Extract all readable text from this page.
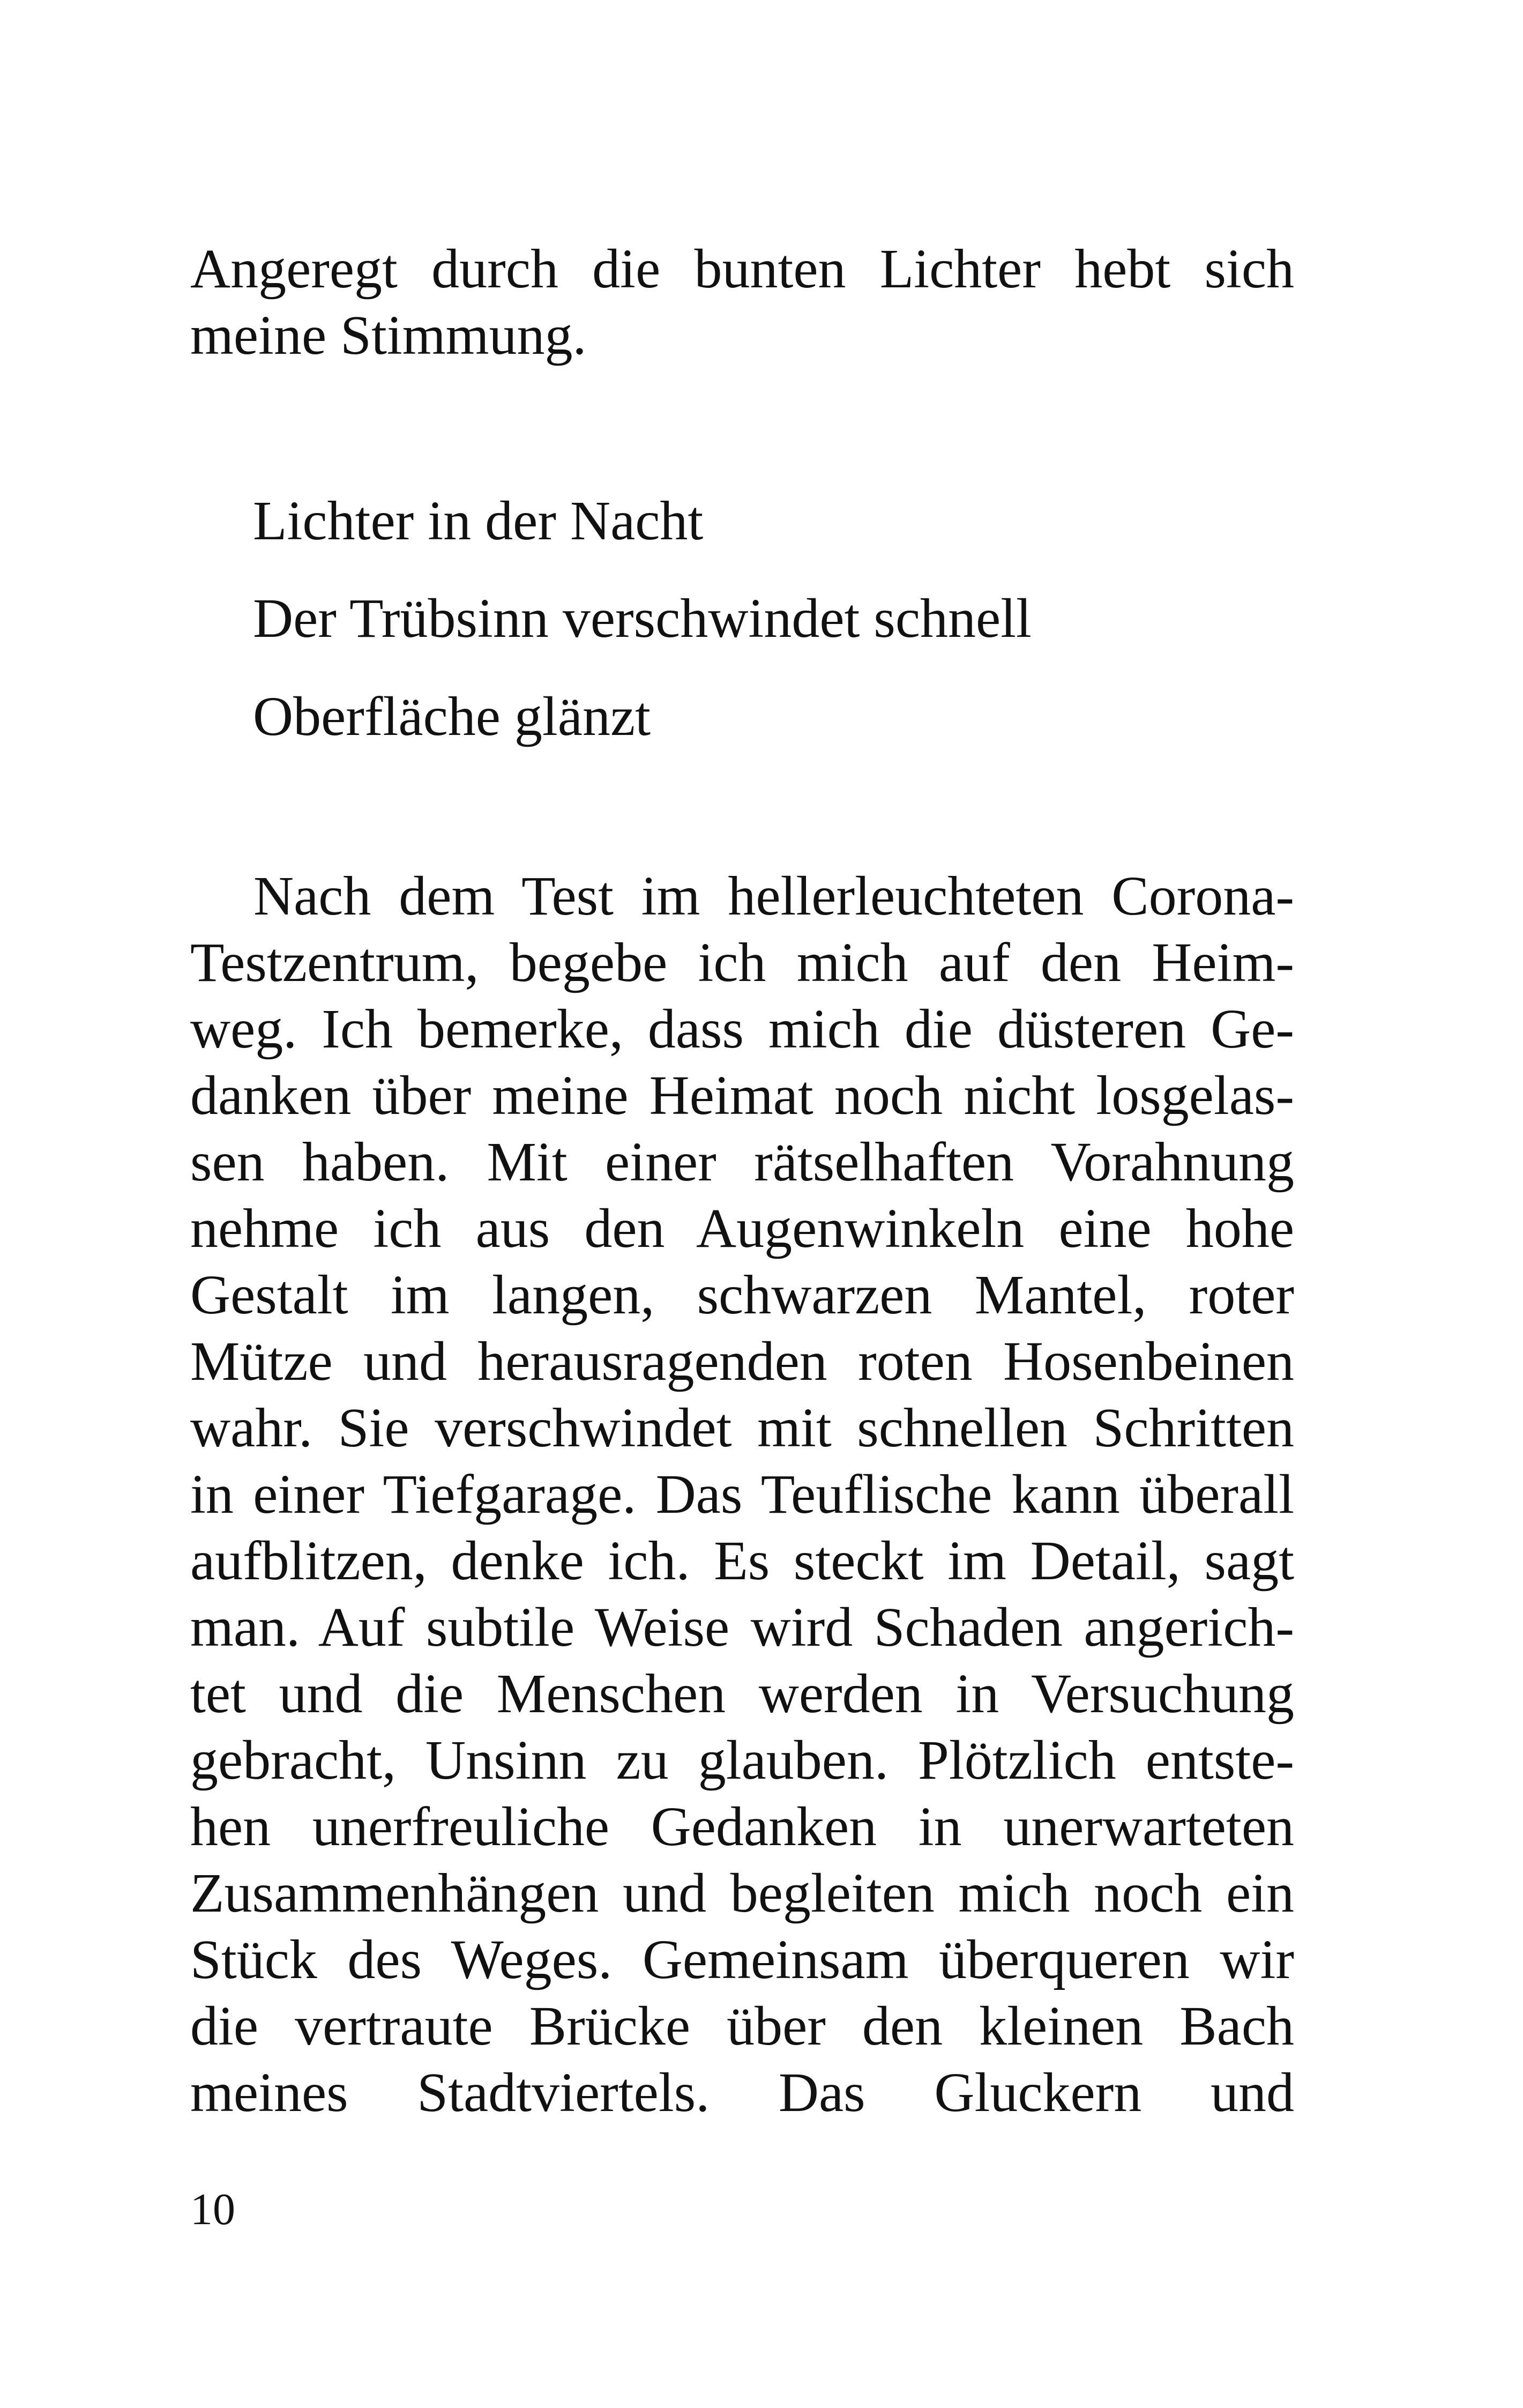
Angeregt durch die bunten Lichter hebt sich
meine Stimmung.
Lichter in der Nacht
Der Trübsinn verschwindet schnell
Oberfläche glänzt
Nach dem Test im hellerleuchteten Corona-
Testzentrum, begebe ich mich auf den Heim-
weg. Ich bemerke, dass mich die düsteren Ge-
danken über meine Heimat noch nicht losgelas-
sen haben. Mit einer rätselhaften Vorahnung
nehme ich aus den Augenwinkeln eine hohe
Gestalt im langen, schwarzen Mantel, roter
Mütze und herausragenden roten Hosenbeinen
wahr. Sie verschwindet mit schnellen Schritten
in einer Tiefgarage. Das Teuflische kann überall
aufblitzen, denke ich. Es steckt im Detail, sagt
man. Auf subtile Weise wird Schaden angerich-
tet und die Menschen werden in Versuchung
gebracht, Unsinn zu glauben. Plötzlich entste-
hen unerfreuliche Gedanken in unerwarteten
Zusammenhängen und begleiten mich noch ein
Stück des Weges. Gemeinsam überqueren wir
die vertraute Brücke über den kleinen Bach
meines Stadtviertels. Das Gluckern und
10
